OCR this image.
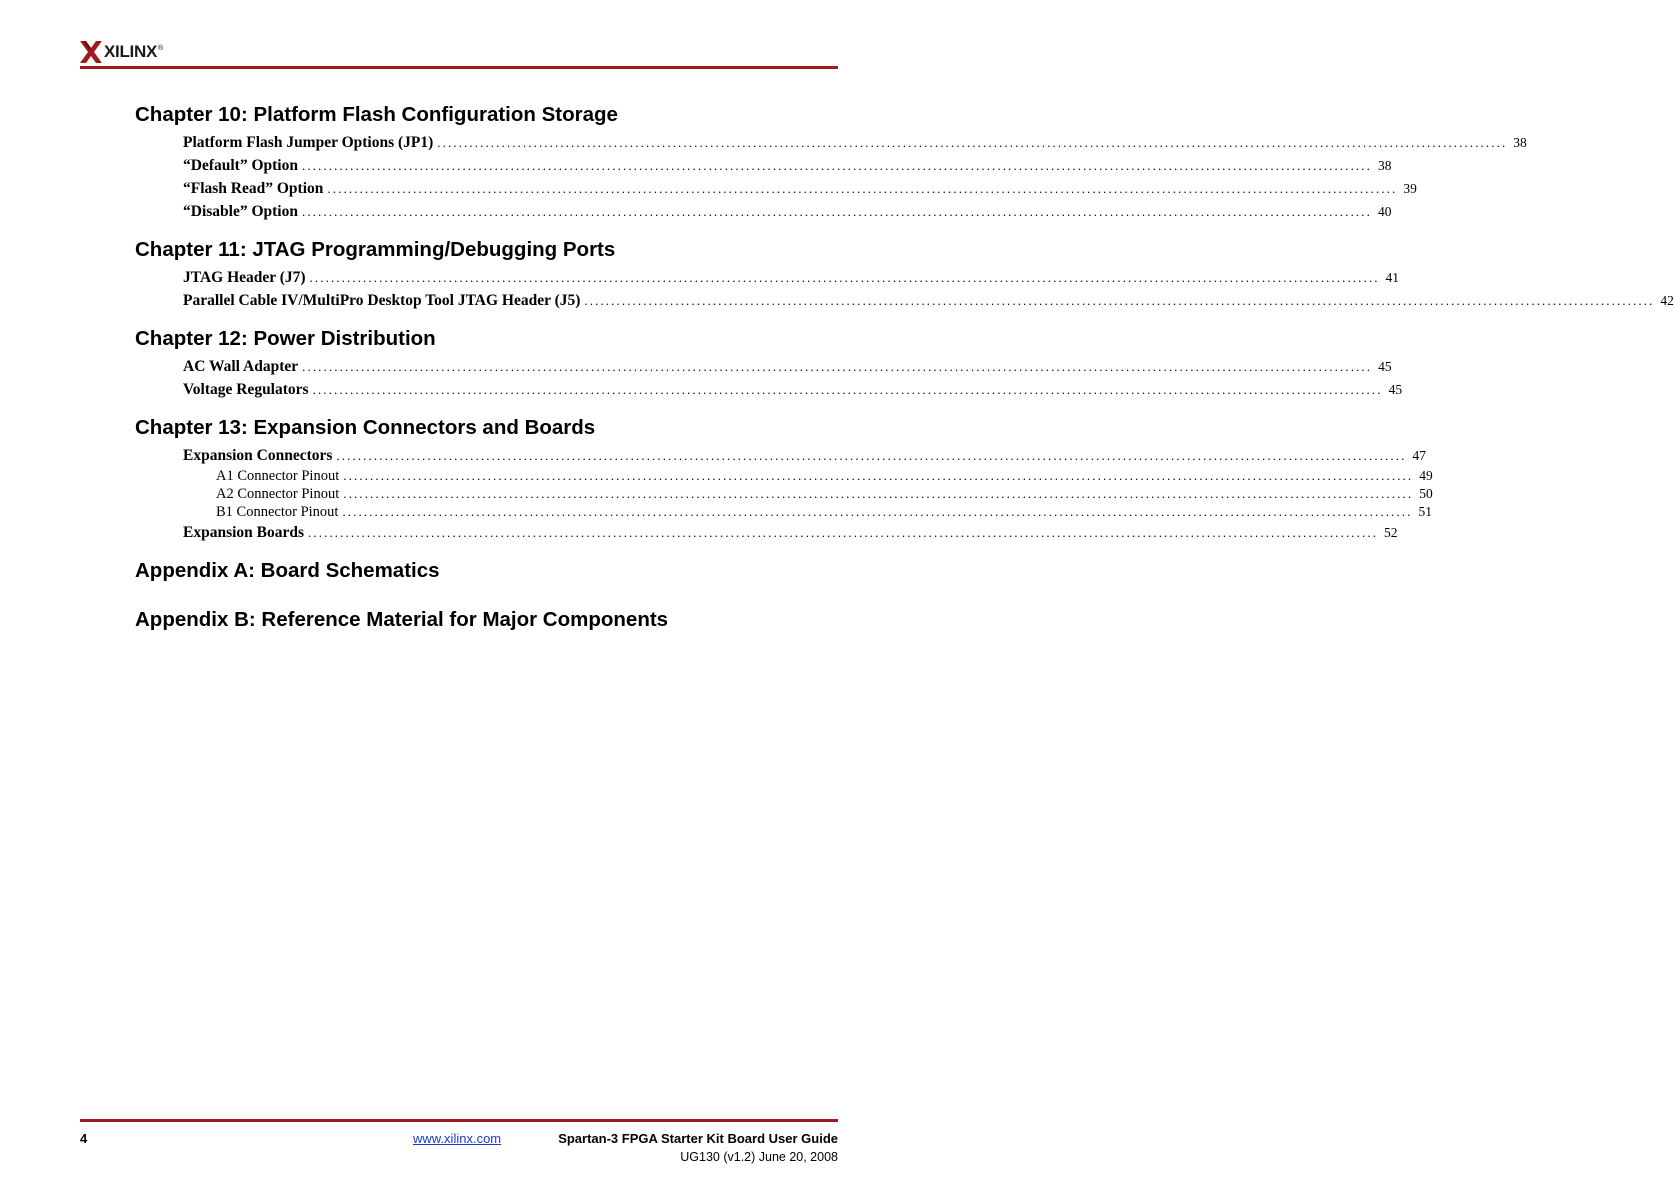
XILINX ®
Chapter 10: Platform Flash Configuration Storage
Platform Flash Jumper Options (JP1) ........................................................................................................................................................................................................ 38
“Default” Option ........................................................................................................................................................................................................ 38
“Flash Read” Option ........................................................................................................................................................................................................ 39
“Disable” Option ........................................................................................................................................................................................................ 40
Chapter 11: JTAG Programming/Debugging Ports
JTAG Header (J7) ........................................................................................................................................................................................................ 41
Parallel Cable IV/MultiPro Desktop Tool JTAG Header (J5) ........................................................................................................................................................................................................ 42
Chapter 12: Power Distribution
AC Wall Adapter ........................................................................................................................................................................................................ 45
Voltage Regulators ........................................................................................................................................................................................................ 45
Chapter 13: Expansion Connectors and Boards
Expansion Connectors ........................................................................................................................................................................................................ 47
A1 Connector Pinout ........................................................................................................................................................................................................ 49
A2 Connector Pinout ........................................................................................................................................................................................................ 50
B1 Connector Pinout ........................................................................................................................................................................................................ 51
Expansion Boards ........................................................................................................................................................................................................ 52
Appendix A: Board Schematics
Appendix B: Reference Material for Major Components
4	www.xilinx.com	Spartan-3 FPGA Starter Kit Board User Guide
UG130 (v1.2) June 20, 2008
